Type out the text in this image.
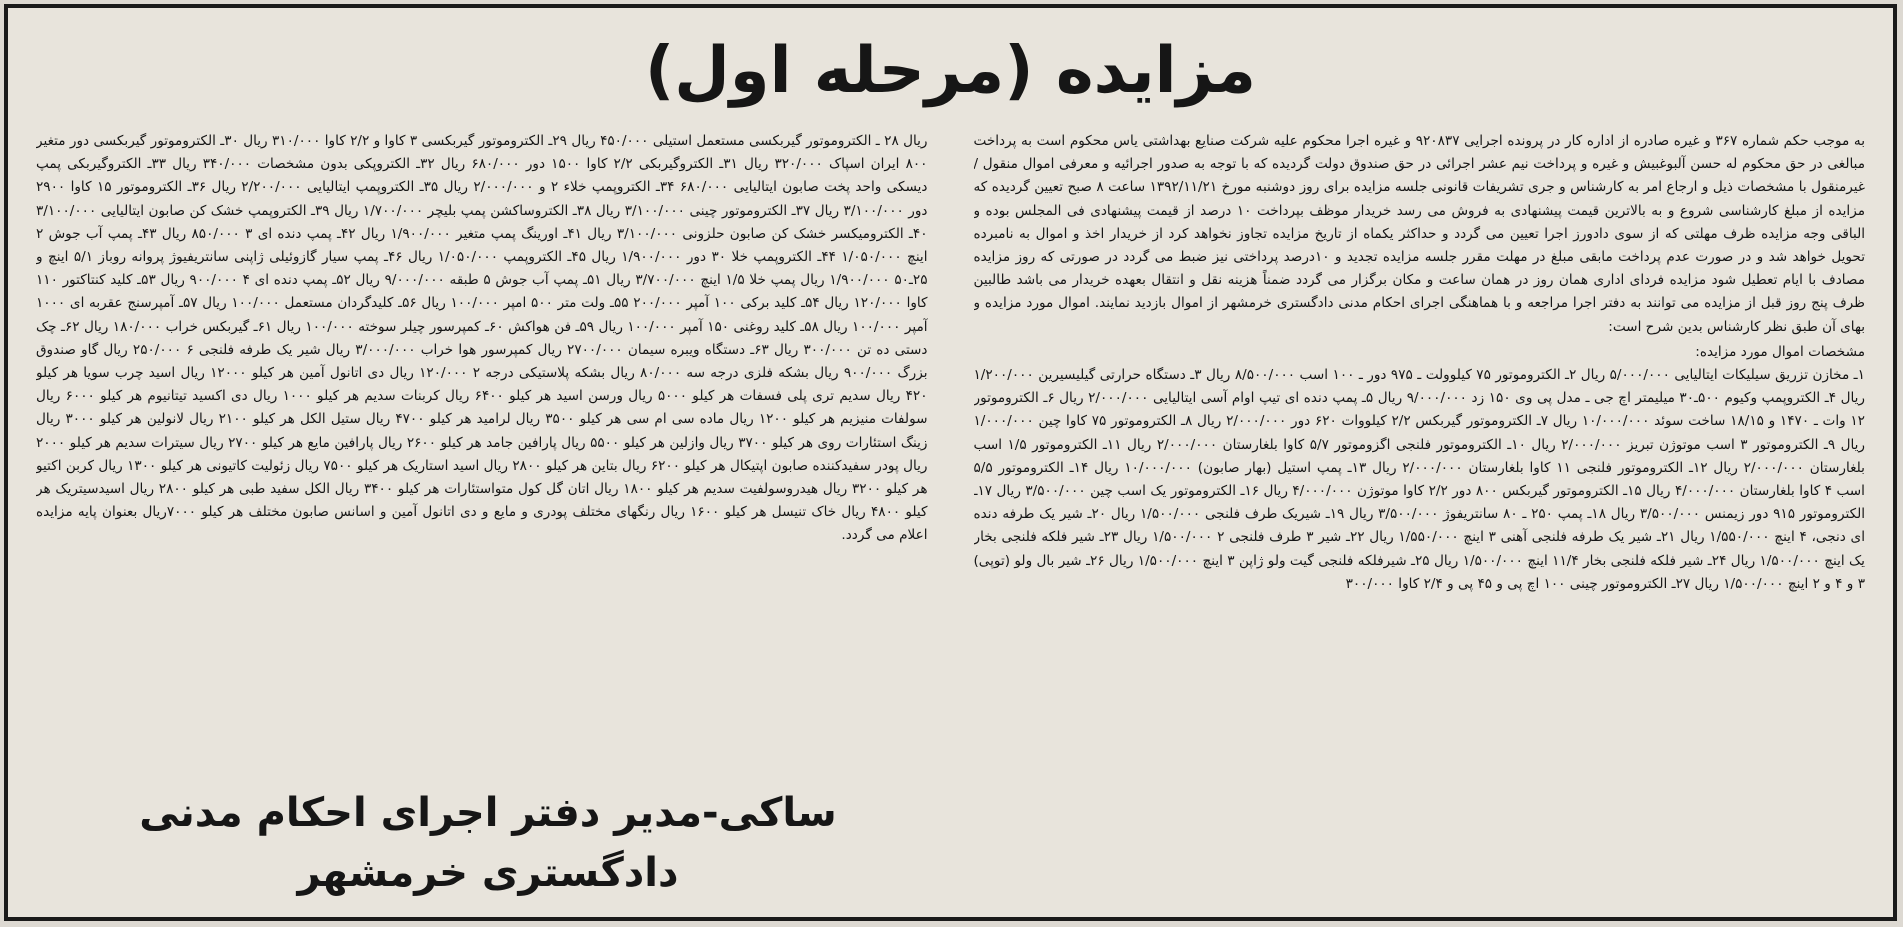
مزایده (مرحله اول)

به موجب حکم شماره ۳۶۷ و غیره صادره از اداره کار در پرونده اجرایی ۹۲۰۸۳۷ و غیره اجرا محکوم علیه شرکت صنایع بهداشتی یاس محکوم است به پرداخت مبالغی در حق محکوم له حسن آلبوغبیش و غیره و پرداخت نیم عشر اجرائی در حق صندوق دولت گردیده که با توجه به صدور اجرائیه و معرفی اموال منقول /غیرمنقول با مشخصات ذیل و ارجاع امر به کارشناس و جری تشریفات قانونی جلسه مزایده برای روز دوشنبه مورخ ۱۳۹۲/۱۱/۲۱ ساعت ۸ صبح تعیین گردیده که مزایده از مبلغ کارشناسی شروع و به بالاترین قیمت پیشنهادی به فروش می رسد خریدار موظف بپرداخت ۱۰ درصد از قیمت پیشنهادی فی المجلس بوده و الباقی وجه مزایده ظرف مهلتی که از سوی دادورز اجرا تعیین می گردد و حداکثر یکماه از تاریخ مزایده تجاوز نخواهد کرد از خریدار اخذ و اموال به نامبرده تحویل خواهد شد و در صورت عدم پرداخت مابقی مبلغ در مهلت مقرر جلسه مزایده تجدید و ۱۰درصد پرداختی نیز ضبط می گردد در صورتی که روز مزایده مصادف با ایام تعطیل شود مزایده فردای اداری همان روز در همان ساعت و مکان برگزار می گردد ضمناً هزینه نقل و انتقال بعهده خریدار می باشد طالبین ظرف پنج روز قبل از مزایده می توانند به دفتر اجرا مراجعه و با هماهنگی اجرای احکام مدنی دادگستری خرمشهر از اموال بازدید نمایند. اموال مورد مزایده و بهای آن طبق نظر کارشناس بدین شرح است:

مشخصات اموال مورد مزایده:

۱ـ مخازن تزریق سیلیکات ایتالیایی ۵/۰۰۰/۰۰۰ ریال ۲ـ الکتروموتور ۷۵ کیلوولت ـ ۹۷۵ دور ـ ۱۰۰ اسب ۸/۵۰۰/۰۰۰ ریال ۳ـ دستگاه حرارتی گیلیسیرین ۱/۲۰۰/۰۰۰ ریال ۴ـ الکتروپمپ وکیوم ۵۰۰ـ۳۰ میلیمتر اچ جی ـ مدل پی وی ۱۵۰ زد ۹/۰۰۰/۰۰۰ ریال ۵ـ پمپ دنده ای تیپ اوام آسی ایتالیایی ۲/۰۰۰/۰۰۰ ریال ۶ـ الکتروموتور ۱۲ وات ـ ۱۴۷۰ و ۱۸/۱۵ ساخت سوئد ۱۰/۰۰۰/۰۰۰ ریال ۷ـ الکتروموتور گیربکس ۲/۲ کیلووات ۶۲۰ دور ۲/۰۰۰/۰۰۰ ریال ۸ـ الکتروموتور ۷۵ کاوا چین ۱/۰۰۰/۰۰۰ ریال ۹ـ الکتروموتور ۳ اسب موتوژن تبریز ۲/۰۰۰/۰۰۰ ریال ۱۰ـ الکتروموتور فلنجی اگزوموتور ۵/۷ کاوا بلغارستان ۲/۰۰۰/۰۰۰ ریال ۱۱ـ الکتروموتور ۱/۵ اسب بلغارستان ۲/۰۰۰/۰۰۰ ریال ۱۲ـ الکتروموتور فلنجی ۱۱ کاوا بلغارستان ۲/۰۰۰/۰۰۰ ریال ۱۳ـ پمپ استیل (بهار صابون) ۱۰/۰۰۰/۰۰۰ ریال ۱۴ـ الکتروموتور ۵/۵ اسب ۴ کاوا بلغارستان ۴/۰۰۰/۰۰۰ ریال ۱۵ـ الکتروموتور گیربکس ۸۰۰ دور ۲/۲ کاوا موتوژن ۴/۰۰۰/۰۰۰ ریال ۱۶ـ الکتروموتور یک اسب چین ۳/۵۰۰/۰۰۰ ریال ۱۷ـ الکتروموتور ۹۱۵ دور زیمنس ۳/۵۰۰/۰۰۰ ریال ۱۸ـ پمپ ۲۵۰ ـ ۸۰ سانتریفوژ ۳/۵۰۰/۰۰۰ ریال ۱۹ـ شیریک طرف فلنجی ۱/۵۰۰/۰۰۰ ریال ۲۰ـ شیر یک طرفه دنده ای دنجی، ۴ اینچ ۱/۵۵۰/۰۰۰ ریال ۲۱ـ شیر یک طرفه فلنجی آهنی ۳ اینچ ۱/۵۵۰/۰۰۰ ریال ۲۲ـ شیر ۳ طرف فلنجی ۲ ۱/۵۰۰/۰۰۰ ریال ۲۳ـ شیر فلکه فلنجی بخار یک اینچ ۱/۵۰۰/۰۰۰ ریال ۲۴ـ شیر فلکه فلنجی بخار ۱۱/۴ اینچ ۱/۵۰۰/۰۰۰ ریال ۲۵ـ شیرفلکه فلنجی گیت ولو ژاپن ۳ اینچ ۱/۵۰۰/۰۰۰ ریال ۲۶ـ شیر بال ولو (توپی) ۳ و ۴ و ۲ اینچ ۱/۵۰۰/۰۰۰ ریال ۲۷ـ الکتروموتور چینی ۱۰۰ اچ پی و ۴۵ پی و ۲/۴ کاوا ۳۰۰/۰۰۰

ریال ۲۸ ـ الکتروموتور گیربکسی مستعمل استیلی ۴۵۰/۰۰۰ ریال ۲۹ـ الکتروموتور گیربکسی ۳ کاوا و ۲/۲ کاوا ۳۱۰/۰۰۰ ریال ۳۰ـ الکتروموتور گیربکسی دور متغیر ۸۰۰ ایران اسپاک ۳۲۰/۰۰۰ ریال ۳۱ـ الکتروگیربکی ۲/۲ کاوا ۱۵۰۰ دور ۶۸۰/۰۰۰ ریال ۳۲ـ الکتروپکی بدون مشخصات ۳۴۰/۰۰۰ ریال ۳۳ـ الکتروگیربکی پمپ دیسکی واحد پخت صابون ایتالیایی ۶۸۰/۰۰۰ ۳۴ـ الکتروپمپ خلاء ۲ و ۲/۰۰۰/۰۰۰ ریال ۳۵ـ الکتروپمپ ایتالیایی ۲/۲۰۰/۰۰۰ ریال ۳۶ـ الکتروموتور ۱۵ کاوا ۲۹۰۰ دور ۳/۱۰۰/۰۰۰ ریال ۳۷ـ الکتروموتور چینی ۳/۱۰۰/۰۰۰ ریال ۳۸ـ الکتروساکشن پمپ بلیچر ۱/۷۰۰/۰۰۰ ریال ۳۹ـ الکتروپمپ خشک کن صابون ایتالیایی ۳/۱۰۰/۰۰۰ ۴۰ـ الکترومیکسر خشک کن صابون حلزونی ۳/۱۰۰/۰۰۰ ریال ۴۱ـ اورینگ پمپ متغیر ۱/۹۰۰/۰۰۰ ریال ۴۲ـ پمپ دنده ای ۳ ۸۵۰/۰۰۰ ریال ۴۳ـ پمپ آب جوش ۲ اینچ ۱/۰۵۰/۰۰۰ ۴۴ـ الکتروپمپ خلا ۳۰ دور ۱/۹۰۰/۰۰۰ ریال ۴۵ـ الکتروپمپ ۱/۰۵۰/۰۰۰ ریال ۴۶ـ پمپ سیار گازوئیلی ژاپنی سانتریفیوژ پروانه روباز ۵/۱ اینچ و ۲۵ـ۵۰ ۱/۹۰۰/۰۰۰ ریال پمپ خلا ۱/۵ اینچ ۳/۷۰۰/۰۰۰ ریال ۵۱ـ پمپ آب جوش ۵ طبقه ۹/۰۰۰/۰۰۰ ریال ۵۲ـ پمپ دنده ای ۴ ۹۰۰/۰۰۰ ریال ۵۳ـ کلید کنتاکتور ۱۱۰ کاوا ۱۲۰/۰۰۰ ریال ۵۴ـ کلید برکی ۱۰۰ آمپر ۲۰۰/۰۰۰ ۵۵ـ ولت متر ۵۰۰ امپر ۱۰۰/۰۰۰ ریال ۵۶ـ کلیدگردان مستعمل ۱۰۰/۰۰۰ ریال ۵۷ـ آمپرسنج عقربه ای ۱۰۰۰ آمپر ۱۰۰/۰۰۰ ریال ۵۸ـ کلید روغنی ۱۵۰ آمپر ۱۰۰/۰۰۰ ریال ۵۹ـ فن هواکش ۶۰ـ کمپرسور چیلر سوخته ۱۰۰/۰۰۰ ریال ۶۱ـ گیربکس خراب ۱۸۰/۰۰۰ ریال ۶۲ـ چک دستی ده تن ۳۰۰/۰۰۰ ریال ۶۳ـ دستگاه ویبره سیمان ۲۷۰۰/۰۰۰ ریال کمپرسور هوا خراب ۳/۰۰۰/۰۰۰ ریال شیر یک طرفه فلنجی ۶ ۲۵۰/۰۰۰ ریال گاو صندوق بزرگ ۹۰۰/۰۰۰ ریال بشکه فلزی درجه سه ۸۰/۰۰۰ ریال بشکه پلاستیکی درجه ۲ ۱۲۰/۰۰۰ ریال دی اتانول آمین هر کیلو ۱۲۰۰۰ ریال اسید چرب سویا هر کیلو ۴۲۰ ریال سدیم تری پلی فسفات هر کیلو ۵۰۰۰ ریال ورسن اسید هر کیلو ۶۴۰۰ ریال کربنات سدیم هر کیلو ۱۰۰۰ ریال دی اکسید تیتانیوم هر کیلو ۶۰۰۰ ریال سولفات منیزیم هر کیلو ۱۲۰۰ ریال ماده سی ام سی هر کیلو ۳۵۰۰ ریال لرامید هر کیلو ۴۷۰۰ ریال ستیل الکل هر کیلو ۲۱۰۰ ریال لانولین هر کیلو ۳۰۰۰ ریال زینگ استئارات روی هر کیلو ۳۷۰۰ ریال وازلین هر کیلو ۵۵۰۰ ریال پارافین جامد هر کیلو ۲۶۰۰ ریال پارافین مایع هر کیلو ۲۷۰۰ ریال سیترات سدیم هر کیلو ۲۰۰۰ ریال پودر سفیدکننده صابون اپتیکال هر کیلو ۶۲۰۰ ریال بتاین هر کیلو ۲۸۰۰ ریال اسید استاریک هر کیلو ۷۵۰۰ ریال زئولیت کاتیونی هر کیلو ۱۳۰۰ ریال کربن اکتیو هر کیلو ۳۲۰۰ ریال هیدروسولفیت سدیم هر کیلو ۱۸۰۰ ریال اتان گل کول متواستئارات هر کیلو ۳۴۰۰ ریال الکل سفید طبی هر کیلو ۲۸۰۰ ریال اسیدسیتریک هر کیلو ۴۸۰۰ ریال خاک تنیسل هر کیلو ۱۶۰۰ ریال رنگهای مختلف پودری و مایع و دی اتانول آمین و اسانس صابون مختلف هر کیلو ۷۰۰۰ریال بعنوان پایه مزایده اعلام می گردد.

ساکی-مدیر دفتر اجرای احکام مدنی دادگستری خرمشهر
